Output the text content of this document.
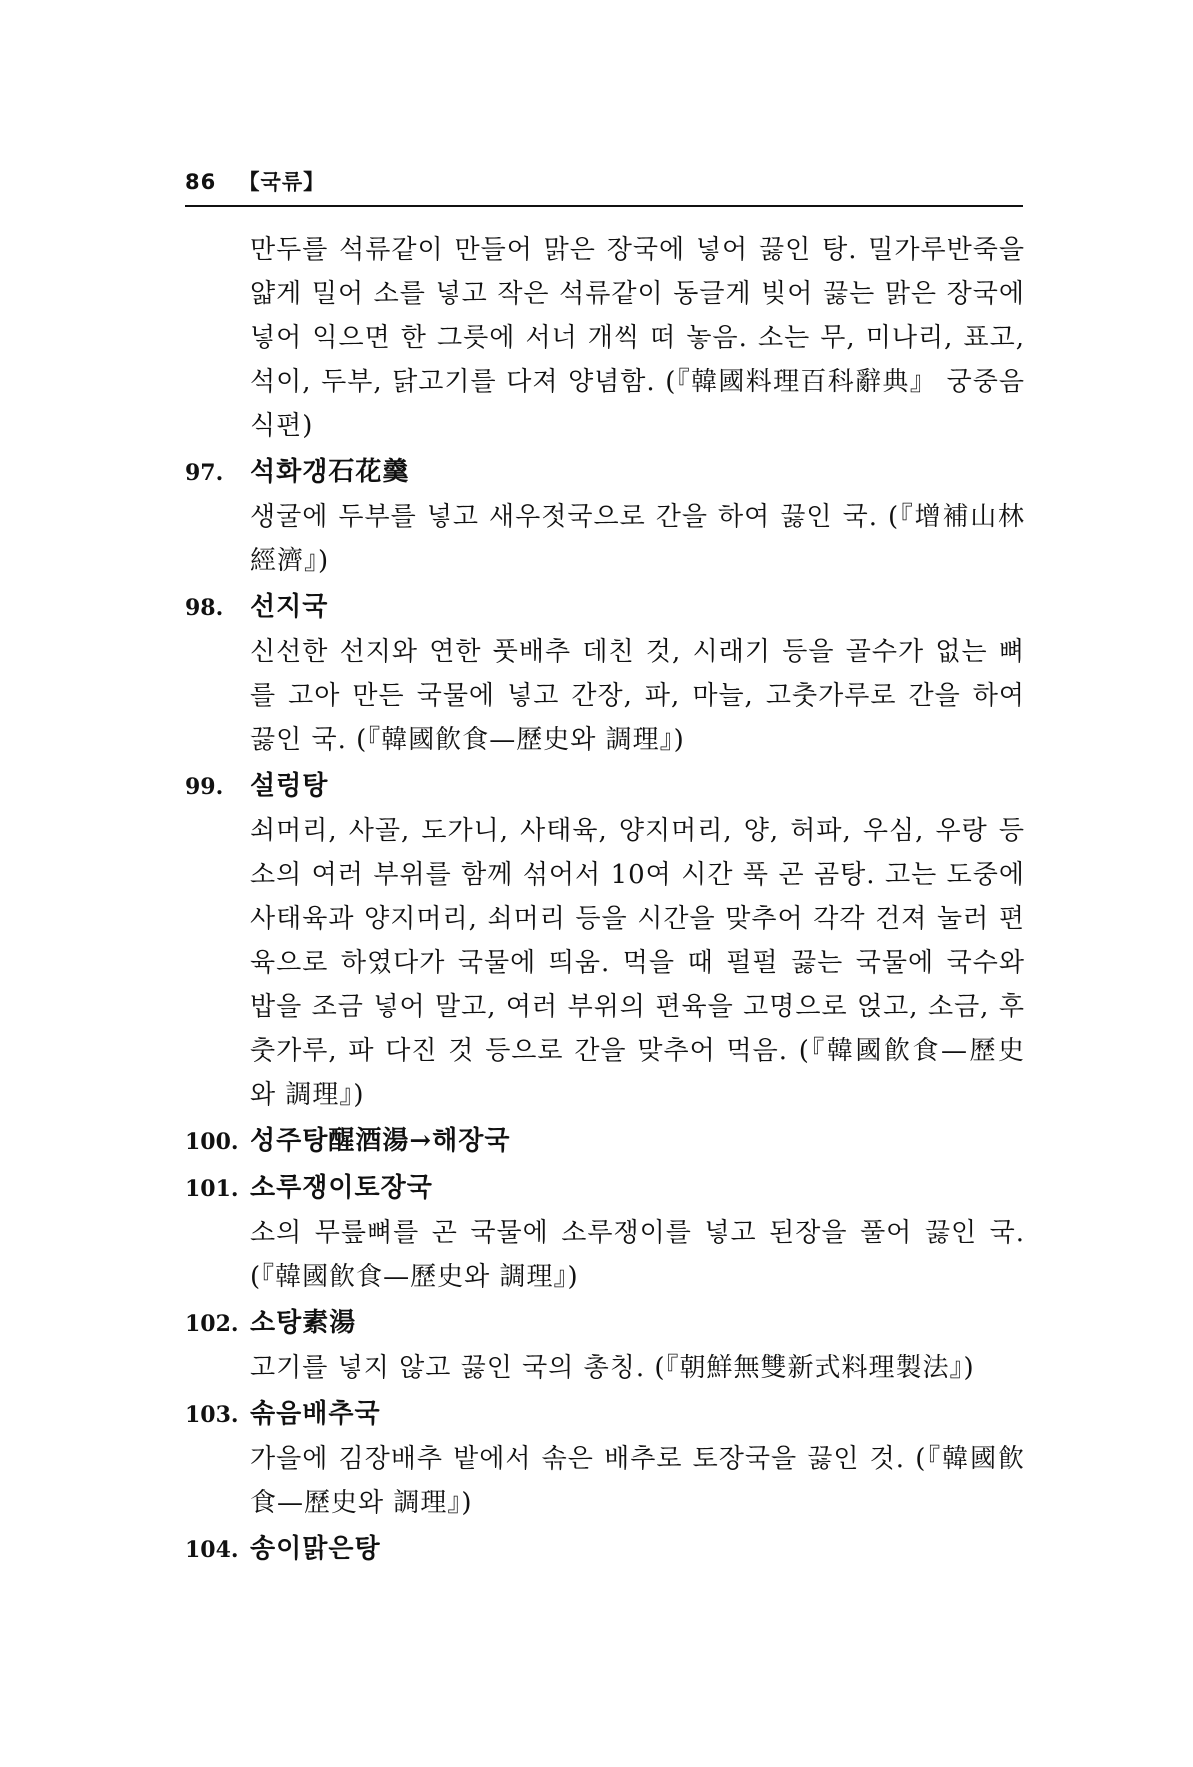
86 【국류】

만두를 석류같이 만들어 맑은 장국에 넣어 끓인 탕. 밀가루반죽을 얇게 밀어 소를 넣고 작은 석류같이 동글게 빚어 끓는 맑은 장국에 넣어 익으면 한 그릇에 서너 개씩 떠 놓음. 소는 무, 미나리, 표고, 석이, 두부, 닭고기를 다져 양념함. (『韓國料理百科辭典』 궁중음식편)

97.	석화갱石花羹

생굴에 두부를 넣고 새우젓국으로 간을 하여 끓인 국. (『增補山林經濟』)

98.	선지국

신선한 선지와 연한 풋배추 데친 것, 시래기 등을 골수가 없는 뼈를 고아 만든 국물에 넣고 간장, 파, 마늘, 고춧가루로 간을 하여 끓인 국. (『韓國飮食—歷史와 調理』)

99.	설렁탕

쇠머리, 사골, 도가니, 사태육, 양지머리, 양, 허파, 우심, 우랑 등 소의 여러 부위를 함께 섞어서 10여 시간 푹 곤 곰탕. 고는 도중에 사태육과 양지머리, 쇠머리 등을 시간을 맞추어 각각 건져 눌러 편육으로 하였다가 국물에 띄움. 먹을 때 펄펄 끓는 국물에 국수와 밥을 조금 넣어 말고, 여러 부위의 편육을 고명으로 얹고, 소금, 후춧가루, 파 다진 것 등으로 간을 맞추어 먹음. (『韓國飮食—歷史와 調理』)

100. 성주탕醒酒湯→해장국
101. 소루쟁이토장국

소의 무릎뼈를 곤 국물에 소루쟁이를 넣고 된장을 풀어 끓인 국. (『韓國飮食—歷史와 調理』)

102. 소탕素湯

고기를 넣지 않고 끓인 국의 총칭. (『朝鮮無雙新式料理製法』)

103. 솎음배추국

가을에 김장배추 밭에서 솎은 배추로 토장국을 끓인 것. (『韓國飮食—歷史와 調理』)

104. 송이맑은탕
